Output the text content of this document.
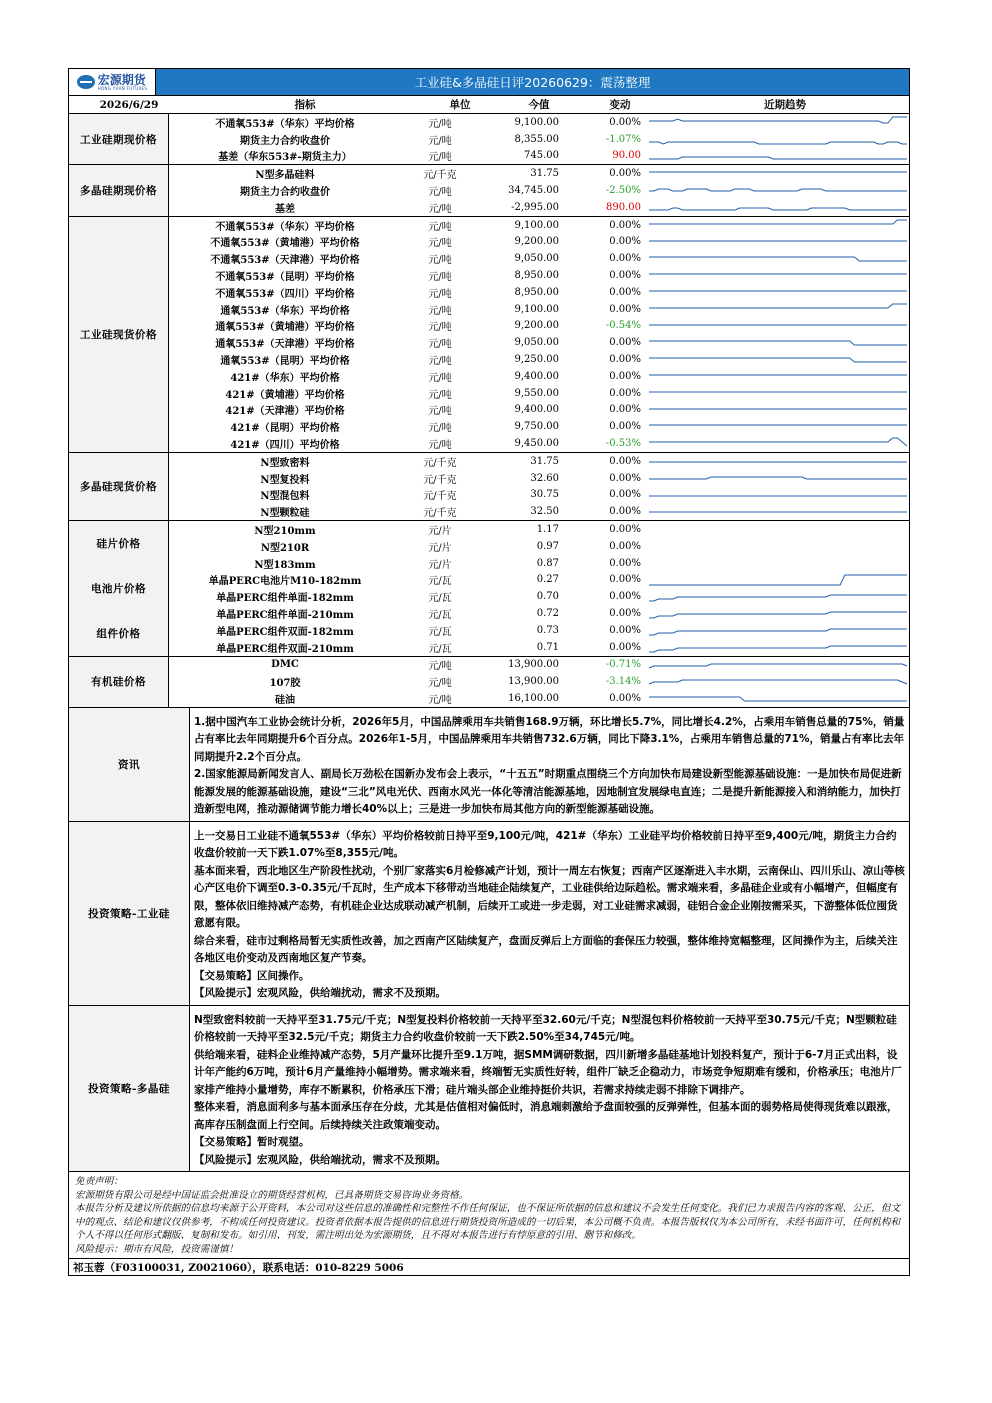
宏源期货
HONG YUAN FUTURES	工业硅&多晶硅日评20260629：震荡整理
2026/6/29	指标	单位	今值	变动	近期趋势
工业硅期现价格
不通氧553#（华东）平均价格	元/吨	9,100.00	0.00%
期货主力合约收盘价	元/吨	8,355.00	-1.07%
基差（华东553#-期货主力）	元/吨	745.00	90.00
多晶硅期现价格
N型多晶硅料	元/千克	31.75	0.00%
期货主力合约收盘价	元/吨	34,745.00	-2.50%
基差	元/吨	-2,995.00	890.00
工业硅现货价格
不通氧553#（华东）平均价格	元/吨	9,100.00	0.00%
不通氧553#（黄埔港）平均价格	元/吨	9,200.00	0.00%
不通氧553#（天津港）平均价格	元/吨	9,050.00	0.00%
不通氧553#（昆明）平均价格	元/吨	8,950.00	0.00%
不通氧553#（四川）平均价格	元/吨	8,950.00	0.00%
通氧553#（华东）平均价格	元/吨	9,100.00	0.00%
通氧553#（黄埔港）平均价格	元/吨	9,200.00	-0.54%
通氧553#（天津港）平均价格	元/吨	9,050.00	0.00%
通氧553#（昆明）平均价格	元/吨	9,250.00	0.00%
421#（华东）平均价格	元/吨	9,400.00	0.00%
421#（黄埔港）平均价格	元/吨	9,550.00	0.00%
421#（天津港）平均价格	元/吨	9,400.00	0.00%
421#（昆明）平均价格	元/吨	9,750.00	0.00%
421#（四川）平均价格	元/吨	9,450.00	-0.53%
多晶硅现货价格
N型致密料	元/千克	31.75	0.00%
N型复投料	元/千克	32.60	0.00%
N型混包料	元/千克	30.75	0.00%
N型颗粒硅	元/千克	32.50	0.00%
硅片价格
电池片价格
组件价格
N型210mm	元/片	1.17	0.00%
N型210R	元/片	0.97	0.00%
N型183mm	元/片	0.87	0.00%
单晶PERC电池片M10-182mm	元/瓦	0.27	0.00%
单晶PERC组件单面-182mm	元/瓦	0.70	0.00%
单晶PERC组件单面-210mm	元/瓦	0.72	0.00%
单晶PERC组件双面-182mm	元/瓦	0.73	0.00%
单晶PERC组件双面-210mm	元/瓦	0.71	0.00%
有机硅价格
DMC	元/吨	13,900.00	-0.71%
107胶	元/吨	13,900.00	-3.14%
硅油	元/吨	16,100.00	0.00%
资讯

1.据中国汽车工业协会统计分析，2026年5月，中国品牌乘用车共销售168.9万辆，环比增长5.7%，同比增长4.2%，占乘用车销售总量的75%，销量占有率比去年同期提升6个百分点。2026年1-5月，中国品牌乘用车共销售732.6万辆，同比下降3.1%，占乘用车销售总量的71%，销量占有率比去年同期提升2.2个百分点。

2.国家能源局新闻发言人、副局长万劲松在国新办发布会上表示，“十五五”时期重点围绕三个方向加快布局建设新型能源基础设施：一是加快布局促进新能源发展的能源基础设施，建设“三北”风电光伏、西南水风光一体化等清洁能源基地，因地制宜发展绿电直连；二是提升新能源接入和消纳能力，加快打造新型电网，推动源储调节能力增长40%以上；三是进一步加快布局其他方向的新型能源基础设施。

投资策略-工业硅

上一交易日工业硅不通氧553#（华东）平均价格较前日持平至9,100元/吨，421#（华东）工业硅平均价格较前日持平至9,400元/吨，期货主力合约收盘价较前一天下跌1.07%至8,355元/吨。

基本面来看，西北地区生产阶段性扰动，个别厂家落实6月检修减产计划，预计一周左右恢复；西南产区逐渐进入丰水期，云南保山、四川乐山、凉山等核心产区电价下调至0.3-0.35元/千瓦时，生产成本下移带动当地硅企陆续复产，工业硅供给边际趋松。需求端来看，多晶硅企业或有小幅增产，但幅度有限，整体依旧维持减产态势，有机硅企业达成联动减产机制，后续开工或进一步走弱，对工业硅需求减弱，硅铝合金企业刚按需采买，下游整体低位囤货意愿有限。

综合来看，硅市过剩格局暂无实质性改善，加之西南产区陆续复产，盘面反弹后上方面临的套保压力较强，整体维持宽幅整理，区间操作为主，后续关注各地区电价变动及西南地区复产节奏。

【交易策略】区间操作。

【风险提示】宏观风险，供给端扰动，需求不及预期。

投资策略-多晶硅

N型致密料较前一天持平至31.75元/千克；N型复投料价格较前一天持平至32.60元/千克；N型混包料价格较前一天持平至30.75元/千克；N型颗粒硅价格较前一天持平至32.5元/千克；期货主力合约收盘价较前一天下跌2.50%至34,745元/吨。

供给端来看，硅料企业维持减产态势，5月产量环比提升至9.1万吨，据SMM调研数据，四川新增多晶硅基地计划投料复产，预计于6-7月正式出料，设计年产能约6万吨，预计6月产量维持小幅增势。需求端来看，终端暂无实质性好转，组件厂缺乏企稳动力，市场竞争短期难有缓和，价格承压；电池片厂家排产维持小量增势，库存不断累积，价格承压下滑；硅片端头部企业维持挺价共识，若需求持续走弱不排除下调排产。

整体来看，消息面利多与基本面承压存在分歧，尤其是估值相对偏低时，消息端刺激给予盘面较强的反弹弹性，但基本面的弱势格局使得现货难以跟涨，高库存压制盘面上行空间。后续持续关注政策端变动。

【交易策略】暂时观望。

【风险提示】宏观风险，供给端扰动，需求不及预期。

免责声明：
宏源期货有限公司是经中国证监会批准设立的期货经营机构，已具备期货交易咨询业务资格。
本报告分析及建议所依据的信息均来源于公开资料，本公司对这些信息的准确性和完整性不作任何保证，也不保证所依据的信息和建议不会发生任何变化。我们已力求报告内容的客观、公正，但文中的观点、结论和建议仅供参考，不构成任何投资建议。投资者依据本报告提供的信息进行期货投资所造成的一切后果，本公司概不负责。本报告版权仅为本公司所有，未经书面许可，任何机构和个人不得以任何形式翻版、复制和发布。如引用、刊发，需注明出处为宏源期货，且不得对本报告进行有悖原意的引用、删节和修改。
风险提示：期市有风险，投资需谨慎！
祁玉蓉（F03100031, Z0021060），联系电话：010-8229 5006
